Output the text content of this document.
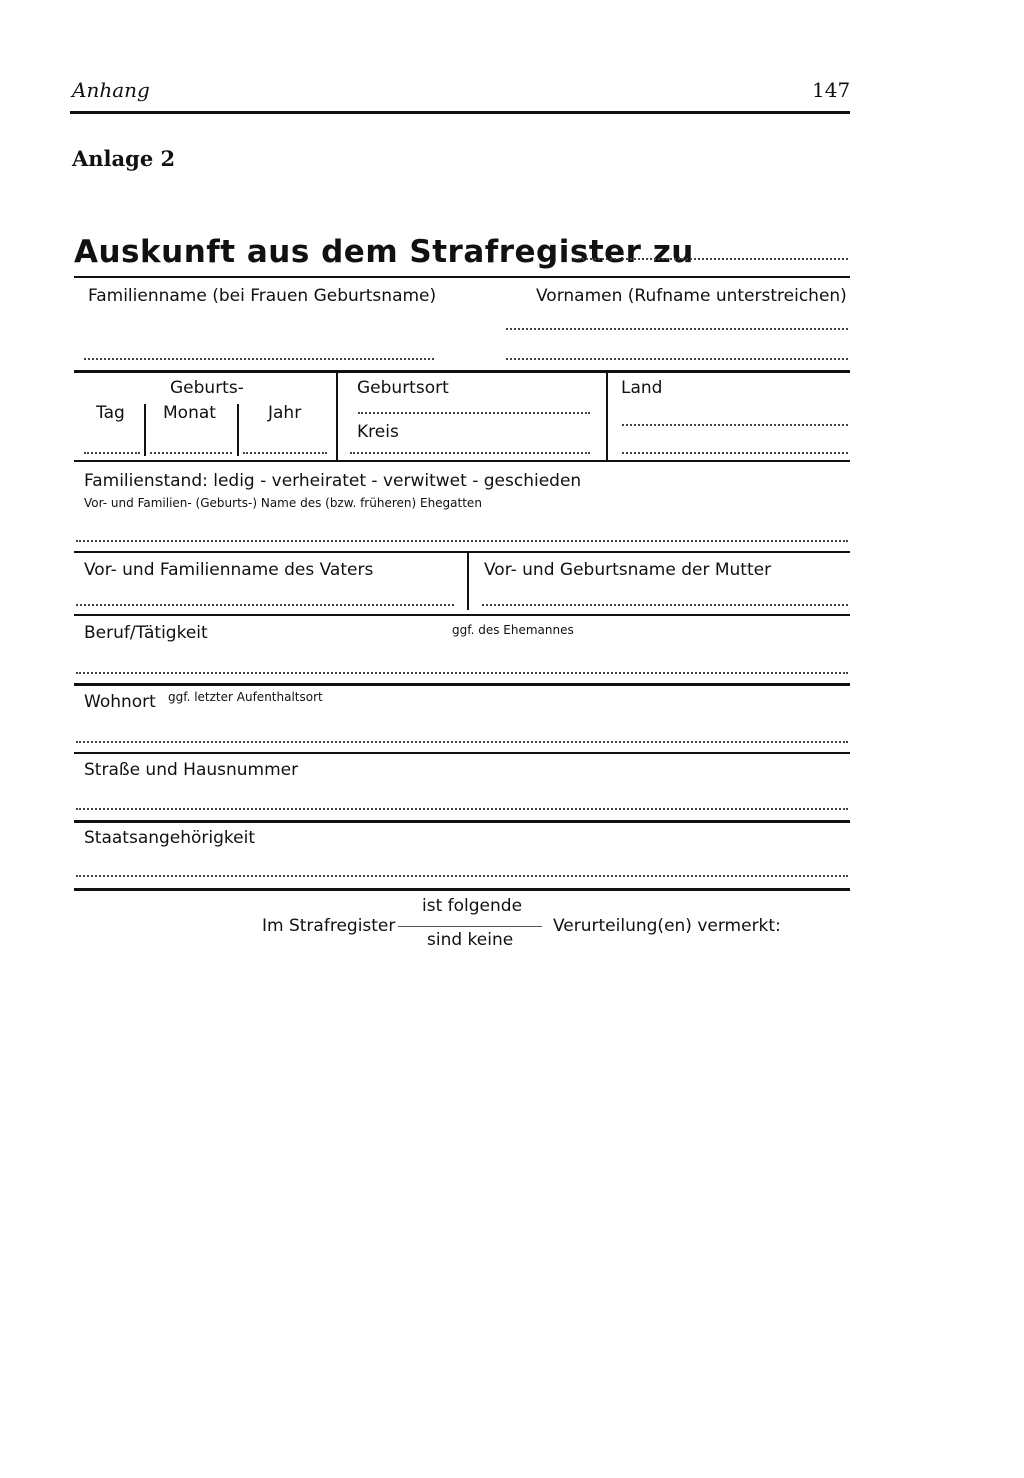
Anhang	147
Anlage 2
Auskunft aus dem Strafregister zu
Familienname (bei Frauen Geburtsname)	Vornamen (Rufname unterstreichen)
Geburts-
Tag Monat	Jahr
Geburtsort
Kreis
Land
Familienstand: ledig - verheiratet - verwitwet - geschieden
Vor- und Familien- (Geburts-) Name des (bzw. früheren) Ehegatten
Vor- und Familienname des Vaters	Vor- und Geburtsname der Mutter
Beruf/Tätigkeit	ggf. des Ehemannes
Wohnort ggf. letzter Aufenthaltsort
Straße und Hausnummer
Staatsangehörigkeit
Im Strafregister
ist folgende
sind keine
Verurteilung(en) vermerkt:
